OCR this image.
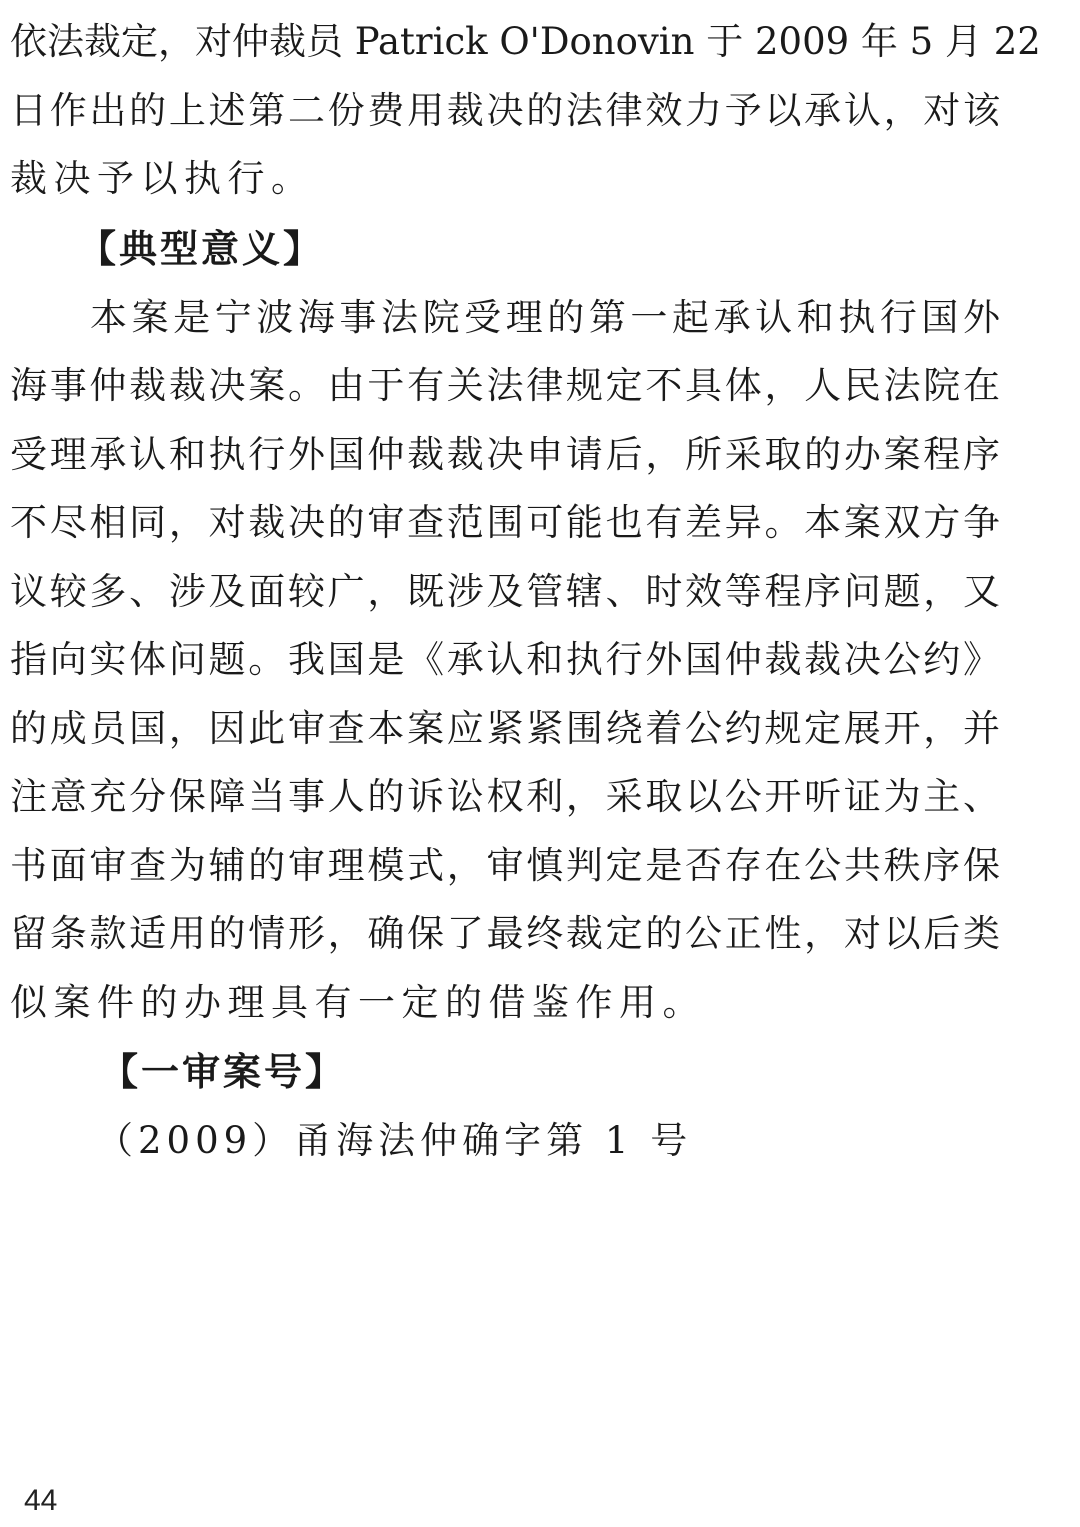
依法裁定，对仲裁员 Patrick O'Donovin 于 2009 年 5 月 22
日作出的上述第二份费用裁决的法律效力予以承认，对该
裁决予以执行。
【典型意义】
本案是宁波海事法院受理的第一起承认和执行国外
海事仲裁裁决案。由于有关法律规定不具体，人民法院在
受理承认和执行外国仲裁裁决申请后，所采取的办案程序
不尽相同，对裁决的审查范围可能也有差异。本案双方争
议较多、涉及面较广，既涉及管辖、时效等程序问题，又
指向实体问题。我国是《承认和执行外国仲裁裁决公约》
的成员国，因此审查本案应紧紧围绕着公约规定展开，并
注意充分保障当事人的诉讼权利，采取以公开听证为主、
书面审查为辅的审理模式，审慎判定是否存在公共秩序保
留条款适用的情形，确保了最终裁定的公正性，对以后类
似案件的办理具有一定的借鉴作用。
【一审案号】
（2009）甬海法仲确字第 1 号
44
